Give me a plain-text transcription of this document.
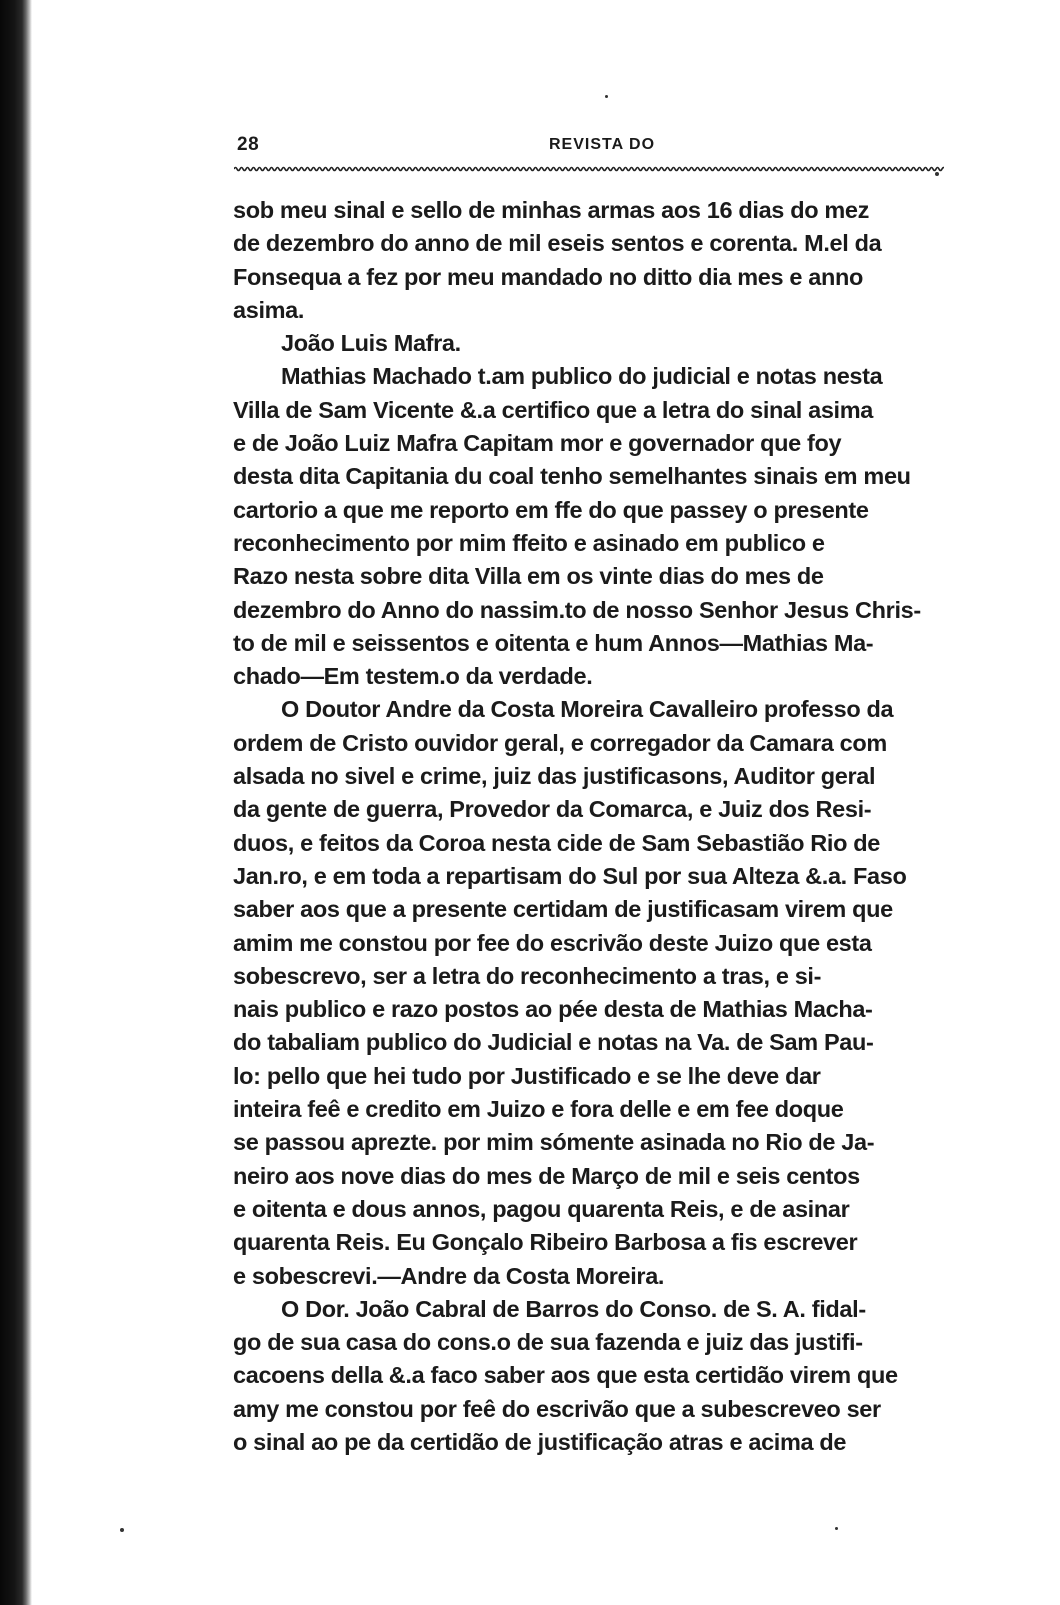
28	REVISTA DO
sob meu sinal e sello de minhas armas aos 16 dias do mez
de dezembro do anno de mil eseis sentos e corenta. M.el da
Fonsequa a fez por meu mandado no ditto dia mes e anno
asima.
João Luis Mafra.
Mathias Machado t.am publico do judicial e notas nesta
Villa de Sam Vicente &.a certifico que a letra do sinal asima
e de João Luiz Mafra Capitam mor e governador que foy
desta dita Capitania du coal tenho semelhantes sinais em meu
cartorio a que me reporto em ffe do que passey o presente
reconhecimento por mim ffeito e asinado em publico e
Razo nesta sobre dita Villa em os vinte dias do mes de
dezembro do Anno do nassim.to de nosso Senhor Jesus Chris-
to de mil e seissentos e oitenta e hum Annos—Mathias Ma-
chado—Em testem.o da verdade.
O Doutor Andre da Costa Moreira Cavalleiro professo da
ordem de Cristo ouvidor geral, e corregador da Camara com
alsada no sivel e crime, juiz das justificasons, Auditor geral
da gente de guerra, Provedor da Comarca, e Juiz dos Resi-
duos, e feitos da Coroa nesta cide de Sam Sebastião Rio de
Jan.ro, e em toda a repartisam do Sul por sua Alteza &.a. Faso
saber aos que a presente certidam de justificasam virem que
amim me constou por fee do escrivão deste Juizo que esta
sobescrevo, ser a letra do reconhecimento a tras, e si-
nais publico e razo postos ao pée desta de Mathias Macha-
do tabaliam publico do Judicial e notas na Va. de Sam Pau-
lo: pello que hei tudo por Justificado e se lhe deve dar
inteira feê e credito em Juizo e fora delle e em fee doque
se passou aprezte. por mim sómente asinada no Rio de Ja-
neiro aos nove dias do mes de Março de mil e seis centos
e oitenta e dous annos, pagou quarenta Reis, e de asinar
quarenta Reis. Eu Gonçalo Ribeiro Barbosa a fis escrever
e sobescrevi.—Andre da Costa Moreira.
O Dor. João Cabral de Barros do Conso. de S. A. fidal-
go de sua casa do cons.o de sua fazenda e juiz das justifi-
cacoens della &.a faco saber aos que esta certidão virem que
amy me constou por feê do escrivão que a subescreveo ser
o sinal ao pe da certidão de justificação atras e acima de
